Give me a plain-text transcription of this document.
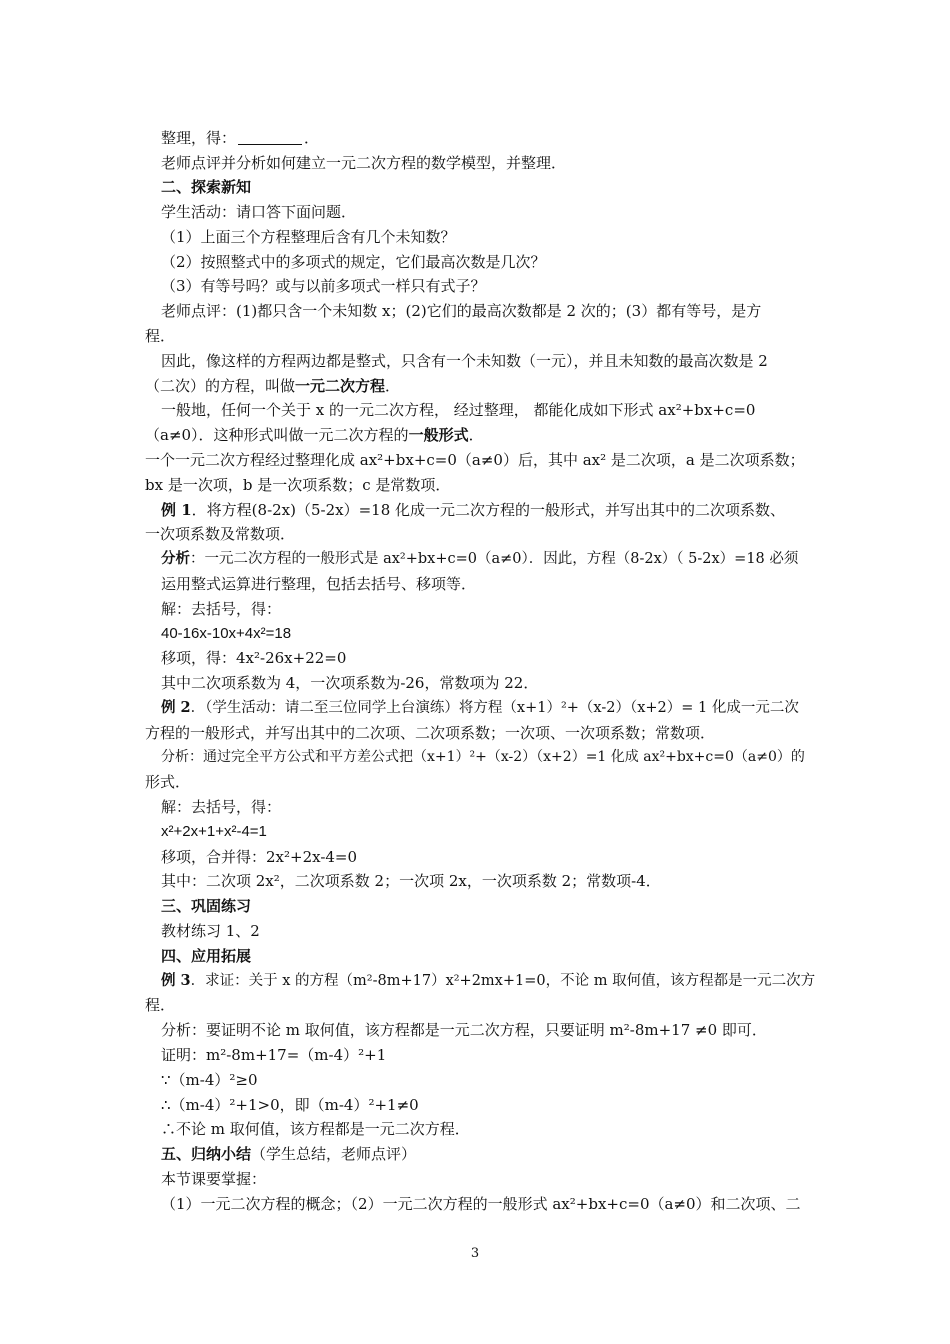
整理，得：	．
老师点评并分析如何建立一元二次方程的数学模型，并整理．
二、探索新知
学生活动：请口答下面问题．
（1）上面三个方程整理后含有几个未知数？
（2）按照整式中的多项式的规定，它们最高次数是几次？
（3）有等号吗？或与以前多项式一样只有式子？
老师点评：(1)都只含一个未知数 x；(2)它们的最高次数都是 2 次的；(3）都有等号，是方
程．
因此，像这样的方程两边都是整式，只含有一个未知数（一元），并且未知数的最高次数是 2
（二次）的方程，叫做一元二次方程．
一般地，任何一个关于 x 的一元二次方程， 经过整理， 都能化成如下形式 ax²+bx+c=0
（a≠0）．这种形式叫做一元二次方程的一般形式．
一个一元二次方程经过整理化成 ax²+bx+c=0（a≠0）后，其中 ax² 是二次项，a 是二次项系数；
bx 是一次项，b 是一次项系数；c 是常数项．
例 1．将方程(8-2x)（5-2x）=18 化成一元二次方程的一般形式，并写出其中的二次项系数、
一次项系数及常数项．
分析：一元二次方程的一般形式是 ax²+bx+c=0（a≠0）．因此，方程（8-2x）（ 5-2x）=18 必须
运用整式运算进行整理，包括去括号、移项等．
解：去括号，得：
40-16x-10x+4x²=18
移项，得：4x²-26x+22=0
其中二次项系数为 4，一次项系数为-26，常数项为 22．
例 2．（学生活动：请二至三位同学上台演练）将方程（x+1）²+（x-2）（x+2）= 1 化成一元二次
方程的一般形式，并写出其中的二次项、二次项系数；一次项、一次项系数；常数项．
分析：通过完全平方公式和平方差公式把（x+1）²+（x-2）（x+2）=1 化成 ax²+bx+c=0（a≠0）的
形式．
解：去括号，得：
x²+2x+1+x²-4=1
移项，合并得：2x²+2x-4=0
其中：二次项 2x²，二次项系数 2；一次项 2x，一次项系数 2；常数项-4．
三、巩固练习
教材练习 1、2
四、应用拓展
例 3．求证：关于 x 的方程（m²-8m+17）x²+2mx+1=0，不论 m 取何值，该方程都是一元二次方
程．
分析：要证明不论 m 取何值，该方程都是一元二次方程，只要证明 m²-8m+17 ≠0 即可．
证明：m²-8m+17=（m-4）²+1
∵（m-4）²≥0
∴（m-4）²+1>0，即（m-4）²+1≠0
∴不论 m 取何值，该方程都是一元二次方程．
五、归纳小结（学生总结，老师点评）
本节课要掌握：
（1）一元二次方程的概念；（2）一元二次方程的一般形式 ax²+bx+c=0（a≠0）和二次项、二
3
